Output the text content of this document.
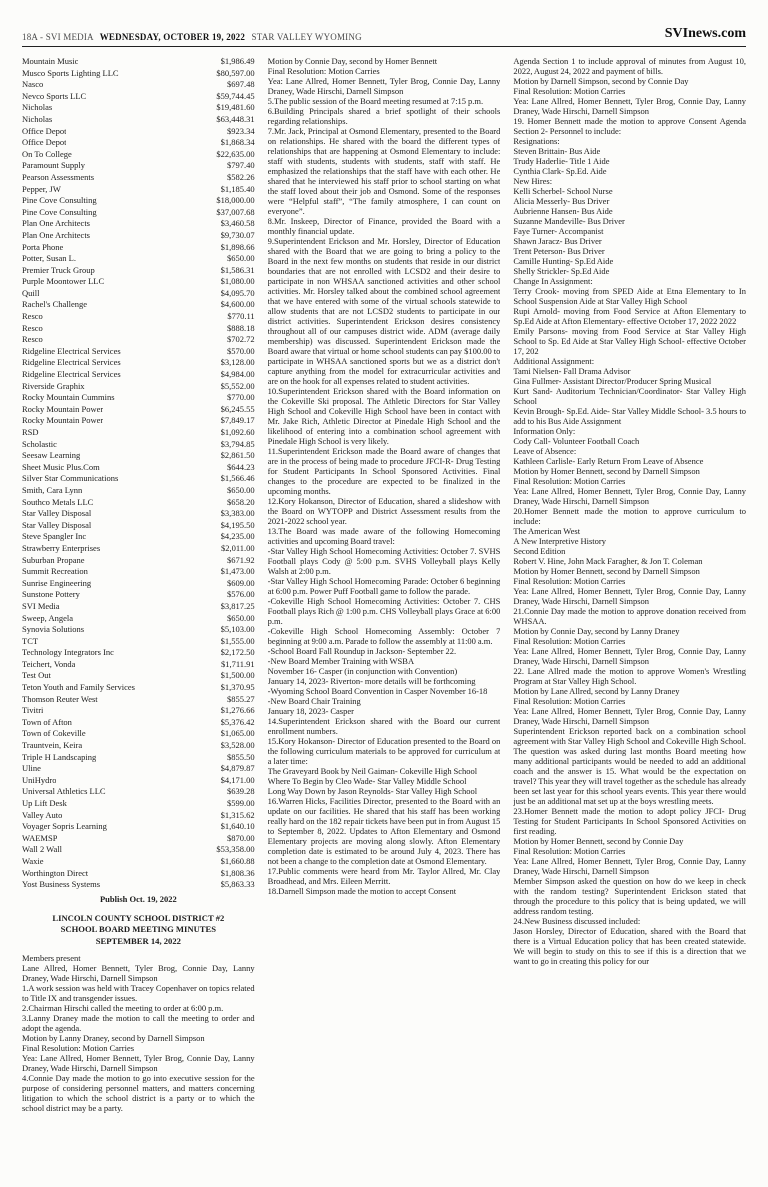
18A - SVI MEDIA WEDNESDAY, OCTOBER 19, 2022 STAR VALLEY WYOMING	SVInews.com
Mountain Music	$1,986.49
Musco Sports Lighting LLC	$80,597.00
Nasco	$697.48
Nevco Sports LLC	$59,744.45
Nicholas	$19,481.60
Nicholas	$63,448.31
Office Depot	$923.34
Office Depot	$1,868.34
On To College	$22,635.00
Paramount Supply	$797.40
Pearson Assessments	$582.26
Pepper, JW	$1,185.40
Pine Cove Consulting	$18,000.00
Pine Cove Consulting	$37,007.68
Plan One Architects	$3,460.58
Plan One Architects	$9,730.07
Porta Phone	$1,898.66
Potter, Susan L.	$650.00
Premier Truck Group	$1,586.31
Purple Moontower LLC	$1,080.00
Quill	$4,095.70
Rachel's Challenge	$4,600.00
Resco	$770.11
Resco	$888.18
Resco	$702.72
Ridgeline Electrical Services	$570.00
Ridgeline Electrical Services	$3,128.00
Ridgeline Electrical Services	$4,984.00
Riverside Graphix	$5,552.00
Rocky Mountain Cummins	$770.00
Rocky Mountain Power	$6,245.55
Rocky Mountain Power	$7,849.17
RSD	$1,092.60
Scholastic	$3,794.85
Seesaw Learning	$2,861.50
Sheet Music Plus.Com	$644.23
Silver Star Communications	$1,566.46
Smith, Cara Lynn	$650.00
Southco Metals LLC	$658.20
Star Valley Disposal	$3,383.00
Star Valley Disposal	$4,195.50
Steve Spangler Inc	$4,235.00
Strawberry Enterprises	$2,011.00
Suburban Propane	$671.92
Summit Recreation	$1,473.00
Sunrise Engineering	$609.00
Sunstone Pottery	$576.00
SVI Media	$3,817.25
Sweep, Angela	$650.00
Synovia Solutions	$5,103.00
TCT	$1,555.00
Technology Integrators Inc	$2,172.50
Teichert, Vonda	$1,711.91
Test Out	$1,500.00
Teton Youth and Family Services	$1,370.95
Thomson Reuter West	$855.27
Tivitri	$1,276.66
Town of Afton	$5,376.42
Town of Cokeville	$1,065.00
Trauntvein, Keira	$3,528.00
Triple H Landscaping	$855.50
Uline	$4,879.87
UniHydro	$4,171.00
Universal Athletics LLC	$639.28
Up Lift Desk	$599.00
Valley Auto	$1,315.62
Voyager Sopris Learning	$1,640.10
WAEMSP	$870.00
Wall 2 Wall	$53,358.00
Waxie	$1,660.88
Worthington Direct	$1,808.36
Yost Business Systems	$5,863.33
Publish Oct. 19, 2022
LINCOLN COUNTY SCHOOL DISTRICT #2
SCHOOL BOARD MEETING MINUTES
SEPTEMBER 14, 2022

Members present

Lane Allred, Homer Bennett, Tyler Brog, Connie Day, Lanny Draney, Wade Hirschi, Darnell Simpson

1.A work session was held with Tracey Copenhaver on topics related to Title IX and transgender issues.

2.Chairman Hirschi called the meeting to order at 6:00 p.m.

3.Lanny Draney made the motion to call the meeting to order and adopt the agenda.

Motion by Lanny Draney, second by Darnell Simpson

Final Resolution: Motion Carries

Yea: Lane Allred, Homer Bennett, Tyler Brog, Connie Day, Lanny Draney, Wade Hirschi, Darnell Simpson

4.Connie Day made the motion to go into executive session for the purpose of considering personnel matters, and matters concerning litigation to which the school district is a party or to which the school district may be a party.

Motion by Connie Day, second by Homer Bennett

Final Resolution: Motion Carries

Yea: Lane Allred, Homer Bennett, Tyler Brog, Connie Day, Lanny Draney, Wade Hirschi, Darnell Simpson

5.The public session of the Board meeting resumed at 7:15 p.m.

6.Building Principals shared a brief spotlight of their schools regarding relationships.

7.Mr. Jack, Principal at Osmond Elementary, presented to the Board on relationships. He shared with the board the different types of relationships that are happening at Osmond Elementary to include: staff with students, students with students, staff with staff. He emphasized the relationships that the staff have with each other. He shared that he interviewed his staff prior to school starting on what the staff loved about their job and Osmond. Some of the responses were “Helpful staff”, “The family atmosphere, I can count on everyone”.

8.Mr. Inskeep, Director of Finance, provided the Board with a monthly financial update.

9.Superintendent Erickson and Mr. Horsley, Director of Education shared with the Board that we are going to bring a policy to the Board in the next few months on students that reside in our district boundaries that are not enrolled with LCSD2 and their desire to participate in non WHSAA sanctioned activities and other school activities. Mr. Horsley talked about the combined school agreement that we have entered with some of the virtual schools statewide to allow students that are not LCSD2 students to participate in our district activities. Superintendent Erickson desires consistency throughout all of our campuses district wide. ADM (average daily membership) was discussed. Superintendent Erickson made the Board aware that virtual or home school students can pay $100.00 to participate in WHSAA sanctioned sports but we as a district don't capture anything from the model for extracurricular activities and are on the hook for all expenses related to student activities.

10.Superintendent Erickson shared with the Board information on the Cokeville Ski proposal. The Athletic Directors for Star Valley High School and Cokeville High School have been in contact with Mr. Jake Rich, Athletic Director at Pinedale High School and the likelihood of entering into a combination school agreement with Pinedale High School is very likely.

11.Superintendent Erickson made the Board aware of changes that are in the process of being made to procedure JFCI-R- Drug Testing for Student Participants In School Sponsored Activities. Final changes to the procedure are expected to be finalized in the upcoming months.

12.Kory Hokanson, Director of Education, shared a slideshow with the Board on WYTOPP and District Assessment results from the 2021-2022 school year.

13.The Board was made aware of the following Homecoming activities and upcoming Board travel:

-Star Valley High School Homecoming Activities: October 7. SVHS Football plays Cody @ 5:00 p.m. SVHS Volleyball plays Kelly Walsh at 2:00 p.m.

-Star Valley High School Homecoming Parade: October 6 beginning at 6:00 p.m. Power Puff Football game to follow the parade.

-Cokeville High School Homecoming Activities: October 7. CHS Football plays Rich @ 1:00 p.m. CHS Volleyball plays Grace at 6:00 p.m.

-Cokeville High School Homecoming Assembly: October 7 beginning at 9:00 a.m. Parade to follow the assembly at 11:00 a.m.

-School Board Fall Roundup in Jackson- September 22.

-New Board Member Training with WSBA

November 16- Casper (in conjunction with Convention)

January 14, 2023- Riverton- more details will be forthcoming

-Wyoming School Board Convention in Casper November 16-18

-New Board Chair Training

January 18, 2023- Casper

14.Superintendent Erickson shared with the Board our current enrollment numbers.

15.Kory Hokanson- Director of Education presented to the Board on the following curriculum materials to be approved for curriculum at a later time:

The Graveyard Book by Neil Gaiman- Cokeville High School

Where To Begin by Cleo Wade- Star Valley Middle School

Long Way Down by Jason Reynolds- Star Valley High School

16.Warren Hicks, Facilities Director, presented to the Board with an update on our facilities. He shared that his staff has been working really hard on the 182 repair tickets have been put in from August 15 to September 8, 2022. Updates to Afton Elementary and Osmond Elementary projects are moving along slowly. Afton Elementary completion date is estimated to be around July 4, 2023. There has not been a change to the completion date at Osmond Elementary.

17.Public comments were heard from Mr. Taylor Allred, Mr. Clay Broadhead, and Mrs. Eileen Merritt.

18.Darnell Simpson made the motion to accept Consent

Agenda Section 1 to include approval of minutes from August 10, 2022, August 24, 2022 and payment of bills.

Motion by Darnell Simpson, second by Connie Day

Final Resolution: Motion Carries

Yea: Lane Allred, Homer Bennett, Tyler Brog, Connie Day, Lanny Draney, Wade Hirschi, Darnell Simpson

19. Homer Bennett made the motion to approve Consent Agenda Section 2- Personnel to include:

Resignations:

Steven Brittain- Bus Aide

Trudy Haderlie- Title 1 Aide

Cynthia Clark- Sp.Ed. Aide

New Hires:

Kelli Scherbel- School Nurse

Alicia Messerly- Bus Driver

Aubrienne Hansen- Bus Aide

Suzanne Mandeville- Bus Driver

Faye Turner- Accompanist

Shawn Jaracz- Bus Driver

Trent Peterson- Bus Driver

Camille Hunting- Sp.Ed Aide

Shelly Strickler- Sp.Ed Aide

Change In Assignment:

Terry Crook- moving from SPED Aide at Etna Elementary to In School Suspension Aide at Star Valley High School

Rupi Arnold- moving from Food Service at Afton Elementary to Sp.Ed Aide at Afton Elementary- effective October 17, 2022 2022

Emily Parsons- moving from Food Service at Star Valley High School to Sp. Ed Aide at Star Valley High School- effective October 17, 202

Additional Assignment:

Tami Nielsen- Fall Drama Advisor

Gina Fullmer- Assistant Director/Producer Spring Musical

Kurt Sand- Auditorium Technician/Coordinator- Star Valley High School

Kevin Brough- Sp.Ed. Aide- Star Valley Middle School- 3.5 hours to add to his Bus Aide Assignment

Information Only:

Cody Call- Volunteer Football Coach

Leave of Absence:

Kathleen Carlisle- Early Return From Leave of Absence

Motion by Homer Bennett, second by Darnell Simpson

Final Resolution: Motion Carries

Yea: Lane Allred, Homer Bennett, Tyler Brog, Connie Day, Lanny Draney, Wade Hirschi, Darnell Simpson

20.Homer Bennett made the motion to approve curriculum to include:

The American West

A New Interpretive History

Second Edition

Robert V. Hine, John Mack Faragher, & Jon T. Coleman

Motion by Homer Bennett, second by Darnell Simpson

Final Resolution: Motion Carries

Yea: Lane Allred, Homer Bennett, Tyler Brog, Connie Day, Lanny Draney, Wade Hirschi, Darnell Simpson

21.Connie Day made the motion to approve donation received from WHSAA.

Motion by Connie Day, second by Lanny Draney

Final Resolution: Motion Carries

Yea: Lane Allred, Homer Bennett, Tyler Brog, Connie Day, Lanny Draney, Wade Hirschi, Darnell Simpson

22. Lane Allred made the motion to approve Women's Wrestling Program at Star Valley High School.

Motion by Lane Allred, second by Lanny Draney

Final Resolution: Motion Carries

Yea: Lane Allred, Homer Bennett, Tyler Brog, Connie Day, Lanny Draney, Wade Hirschi, Darnell Simpson

Superintendent Erickson reported back on a combination school agreement with Star Valley High School and Cokeville High School. The question was asked during last months Board meeting how many additional participants would be needed to add an additional coach and the answer is 15. What would be the expectation on travel? This year they will travel together as the schedule has already been set last year for this school years events. This year there would just be an additional mat set up at the boys wrestling meets.

23.Homer Bennett made the motion to adopt policy JFCI- Drug Testing for Student Participants In School Sponsored Activities on first reading.

Motion by Homer Bennett, second by Connie Day

Final Resolution: Motion Carries

Yea: Lane Allred, Homer Bennett, Tyler Brog, Connie Day, Lanny Draney, Wade Hirschi, Darnell Simpson

Member Simpson asked the question on how do we keep in check with the random testing? Superintendent Erickson stated that through the procedure to this policy that is being updated, we will address random testing.

24.New Business discussed included:

Jason Horsley, Director of Education, shared with the Board that there is a Virtual Education policy that has been created statewide. We will begin to study on this to see if this is a direction that we want to go in creating this policy for our
